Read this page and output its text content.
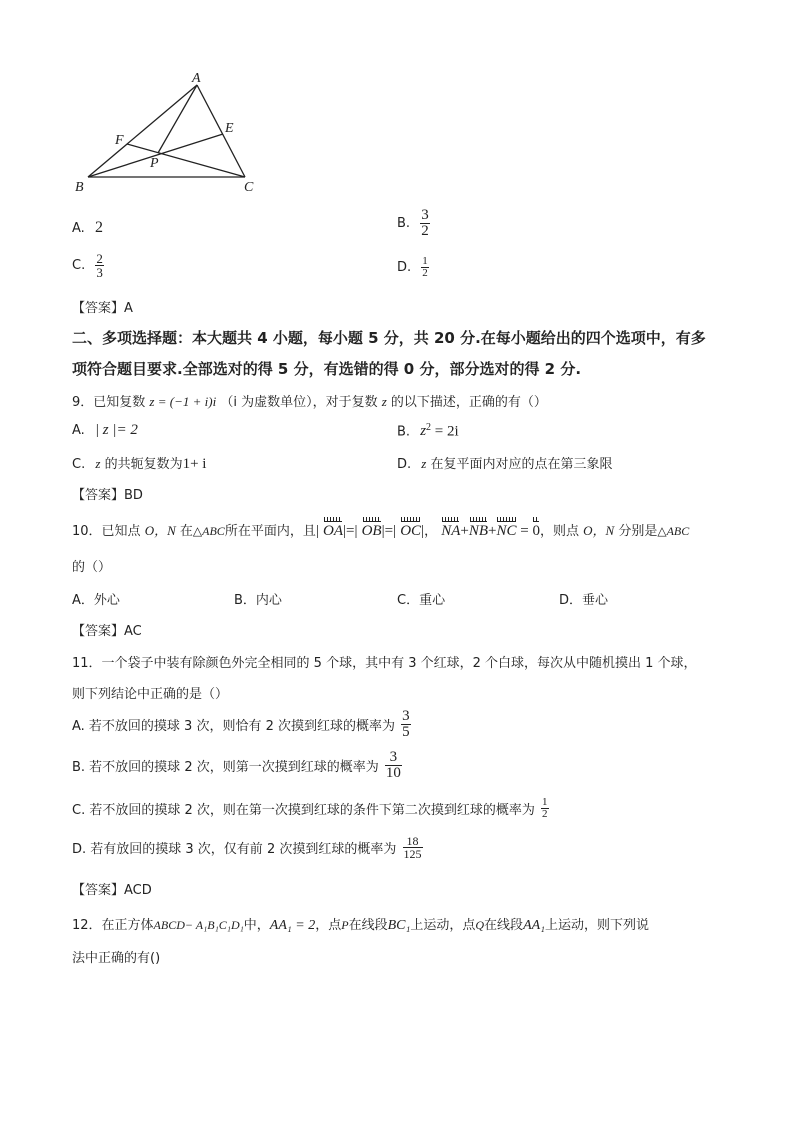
A
B	C
E
F
P
A. 2	B. $\frac{3}{2}$
C. $\frac{2}{3}$	D. $\frac{1}{2}$
【答案】A
二、多项选择题：本大题共 4 小题，每小题 5 分，共 20 分.在每小题给出的四个选项中，有多
项符合题目要求.全部选对的得 5 分，有选错的得 0 分，部分选对的得 2 分.
9．已知复数 z = (−1 + i)i （i 为虚数单位），对于复数 z 的以下描述，正确的有（）
A. | z |= 2	B. $z^2 = 2i$
C. z 的共轭复数为1+ i	D. z 在复平面内对应的点在第三象限
【答案】BD
10．已知点 O，N 在△ABC所在平面内，且| OA|=| OB|=| OC|， NA+NB+NC = 0，则点 O，N 分别是△ABC
的（）
A．外心	B．内心	C．重心	D．垂心
【答案】AC
11．一个袋子中装有除颜色外完全相同的 5 个球，其中有 3 个红球，2 个白球，每次从中随机摸出 1 个球，
则下列结论中正确的是（）
A. 若不放回的摸球 3 次，则恰有 2 次摸到红球的概率为 $\frac{3}{5}$
B. 若不放回的摸球 2 次，则第一次摸到红球的概率为 $\frac{3}{10}$
C. 若不放回的摸球 2 次，则在第一次摸到红球的条件下第二次摸到红球的概率为 $\frac{1}{2}$
D. 若有放回的摸球 3 次，仅有前 2 次摸到红球的概率为 $\frac{18}{125}$
【答案】ACD
12．在正方体ABCD− A₁B₁C₁D₁中，AA₁ = 2，点P在线段BC₁上运动，点Q在线段AA₁上运动，则下列说
法中正确的有()
